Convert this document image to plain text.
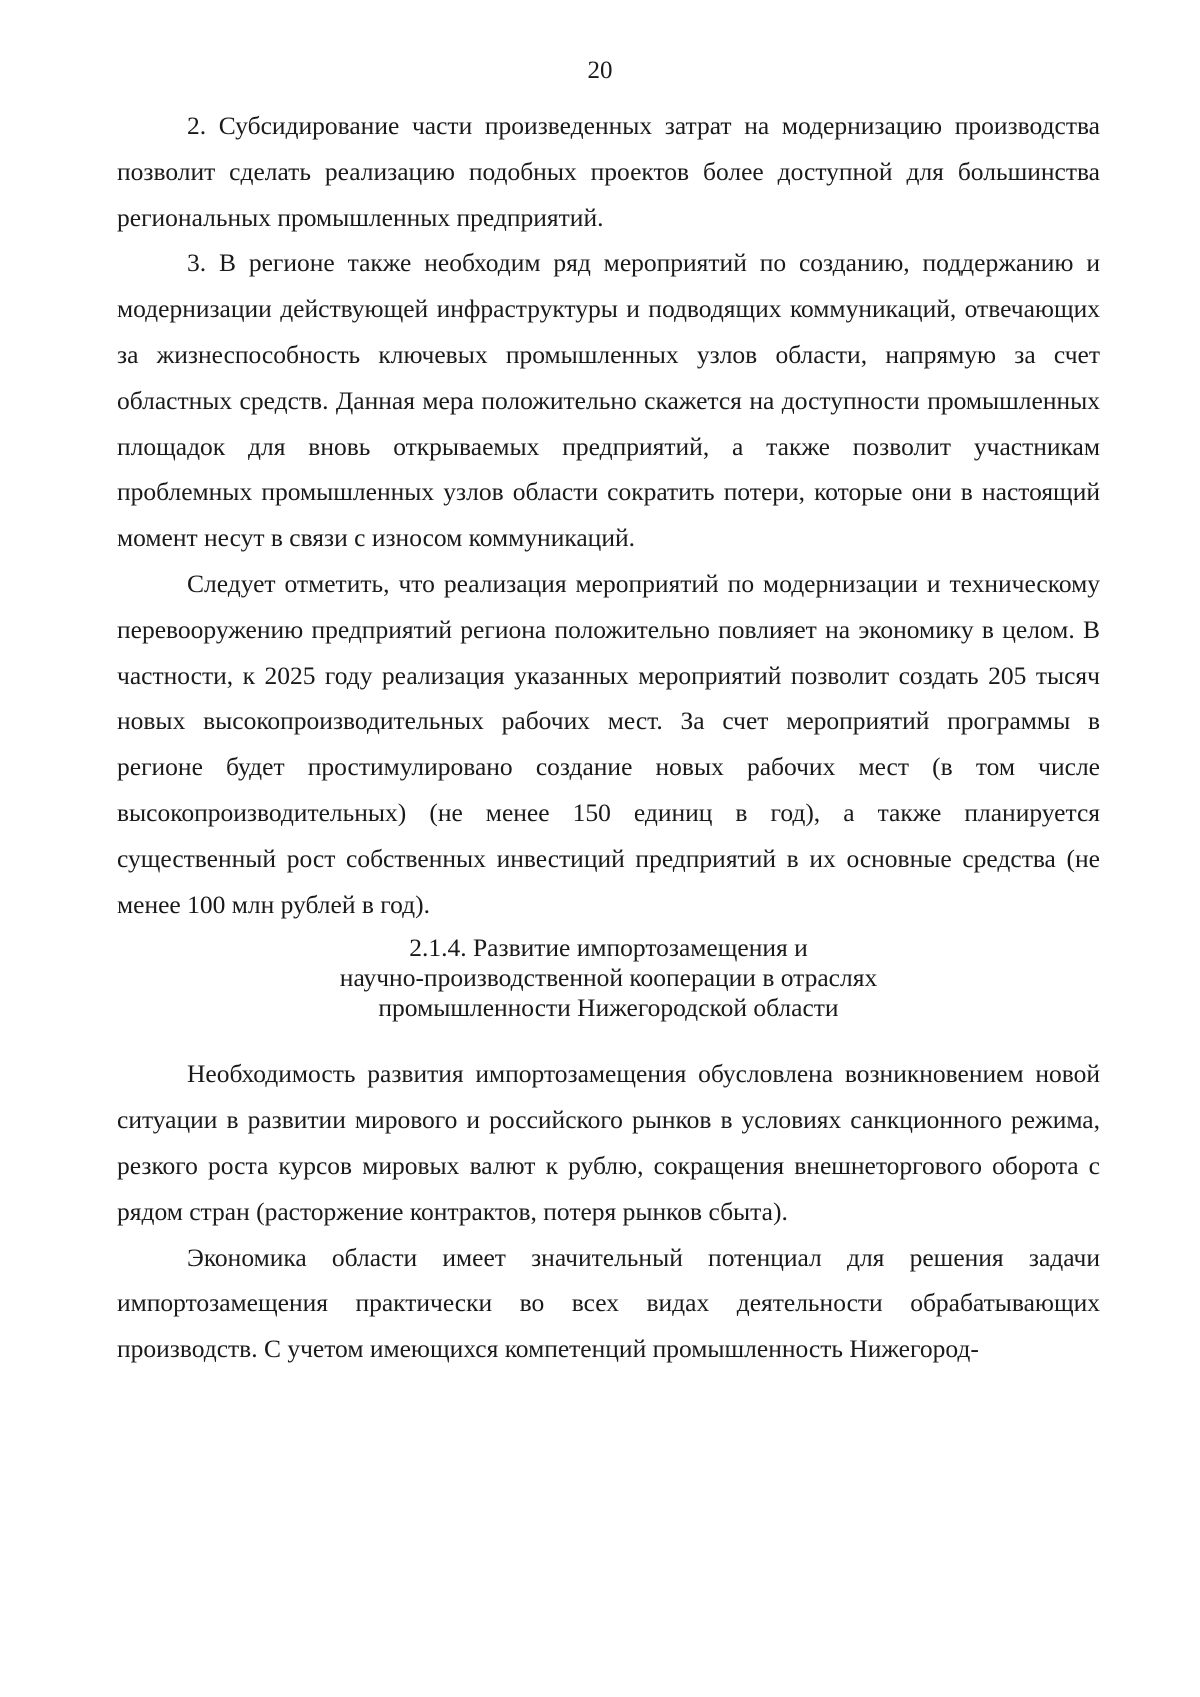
20

2. Субсидирование части произведенных затрат на модернизацию производства позволит сделать реализацию подобных проектов более доступной для большинства региональных промышленных предприятий.

3. В регионе также необходим ряд мероприятий по созданию, поддержанию и модернизации действующей инфраструктуры и подводящих коммуникаций, отвечающих за жизнеспособность ключевых промышленных узлов области, напрямую за счет областных средств. Данная мера положительно скажется на доступности промышленных площадок для вновь открываемых предприятий, а также позволит участникам проблемных промышленных узлов области сократить потери, которые они в настоящий момент несут в связи с износом коммуникаций.

Следует отметить, что реализация мероприятий по модернизации и техническому перевооружению предприятий региона положительно повлияет на экономику в целом. В частности, к 2025 году реализация указанных мероприятий позволит создать 205 тысяч новых высокопроизводительных рабочих мест. За счет мероприятий программы в регионе будет простимулировано создание новых рабочих мест (в том числе высокопроизводительных) (не менее 150 единиц в год), а также планируется существенный рост собственных инвестиций предприятий в их основные средства (не менее 100 млн рублей в год).

2.1.4. Развитие импортозамещения и
научно-производственной кооперации в отраслях
промышленности Нижегородской области

Необходимость развития импортозамещения обусловлена возникновением новой ситуации в развитии мирового и российского рынков в условиях санкционного режима, резкого роста курсов мировых валют к рублю, сокращения внешнеторгового оборота с рядом стран (расторжение контрактов, потеря рынков сбыта).

Экономика области имеет значительный потенциал для решения задачи импортозамещения практически во всех видах деятельности обрабатывающих производств. С учетом имеющихся компетенций промышленность Нижегород-
